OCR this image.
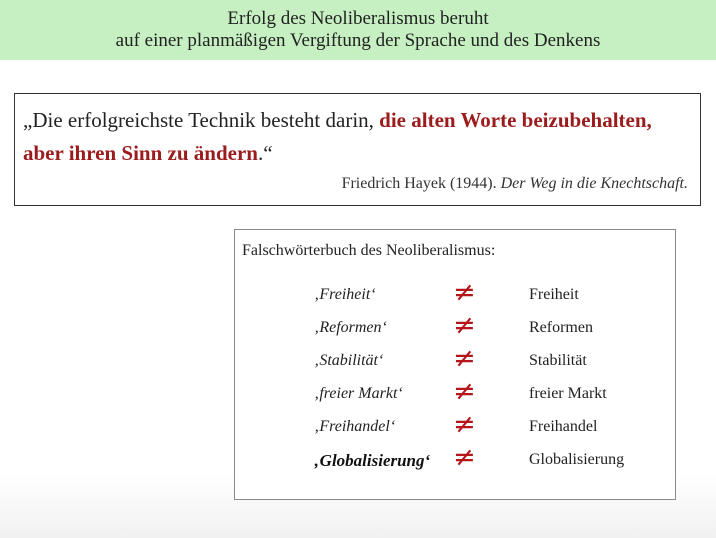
Erfolg des Neoliberalismus beruht
auf einer planmäßigen Vergiftung der Sprache und des Denkens
„Die erfolgreichste Technik besteht darin, die alten Worte beizubehalten, aber ihren Sinn zu ändern.“
Friedrich Hayek (1944). Der Weg in die Knechtschaft.
Falschwörterbuch des Neoliberalismus:
‚Freiheit‘	≠	Freiheit
‚Reformen‘ ≠	Reformen
‚Stabilität‘	≠	Stabilität
‚freier Markt‘ ≠	freier Markt
‚Freihandel‘ ≠	Freihandel
‚Globalisierung‘ ≠	Globalisierung
